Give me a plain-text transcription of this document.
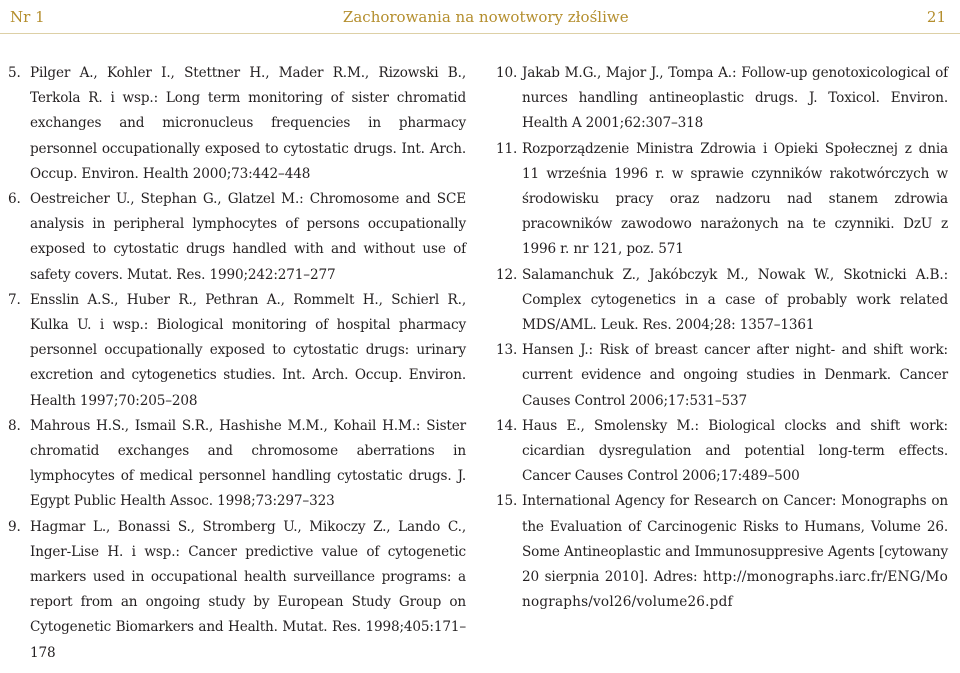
Nr 1	Zachorowania na nowotwory złośliwe	21
5. Pilger A., Kohler I., Stettner H., Mader R.M., Rizowski B., Terkola R. i wsp.: Long term monitoring of sister chromatid exchanges and micronucleus frequencies in pharmacy personnel occupationally exposed to cytostatic drugs. Int. Arch. Occup. Environ. Health 2000;73:442–448
6. Oestreicher U., Stephan G., Glatzel M.: Chromosome and SCE analysis in peripheral lymphocytes of persons occupationally exposed to cytostatic drugs handled with and without use of safety covers. Mutat. Res. 1990;242:271–277
7. Ensslin A.S., Huber R., Pethran A., Rommelt H., Schierl R., Kulka U. i wsp.: Biological monitoring of hospital pharmacy personnel occupationally exposed to cytostatic drugs: urinary excretion and cytogenetics studies. Int. Arch. Occup. Environ. Health 1997;70:205–208
8. Mahrous H.S., Ismail S.R., Hashishe M.M., Kohail H.M.: Sister chromatid exchanges and chromosome aberrations in lymphocytes of medical personnel handling cytostatic drugs. J. Egypt Public Health Assoc. 1998;73:297–323
9. Hagmar L., Bonassi S., Stromberg U., Mikoczy Z., Lando C., Inger-Lise H. i wsp.: Cancer predictive value of cytogenetic markers used in occupational health surveillance programs: a report from an ongoing study by European Study Group on Cytogenetic Biomarkers and Health. Mutat. Res. 1998;405:171–178
10. Jakab M.G., Major J., Tompa A.: Follow-up genotoxicological of nurces handling antineoplastic drugs. J. Toxicol. Environ. Health A 2001;62:307–318
11. Rozporządzenie Ministra Zdrowia i Opieki Społecznej z dnia 11 września 1996 r. w sprawie czynników rakotwórczych w środowisku pracy oraz nadzoru nad stanem zdrowia pracowników zawodowo narażonych na te czynniki. DzU z 1996 r. nr 121, poz. 571
12. Salamanchuk Z., Jakóbczyk M., Nowak W., Skotnicki A.B.: Complex cytogenetics in a case of probably work related MDS/AML. Leuk. Res. 2004;28: 1357–1361
13. Hansen J.: Risk of breast cancer after night- and shift work: current evidence and ongoing studies in Denmark. Cancer Causes Control 2006;17:531–537
14. Haus E., Smolensky M.: Biological clocks and shift work: cicardian dysregulation and potential long-term effects. Cancer Causes Control 2006;17:489–500
15. International Agency for Research on Cancer: Monographs on the Evaluation of Carcinogenic Risks to Humans, Volume 26. Some Antineoplastic and Immunosuppresive Agents [cytowany 20 sierpnia 2010]. Adres: http://monographs.iarc.fr/ENG/Monographs/vol26/volume26.pdf
